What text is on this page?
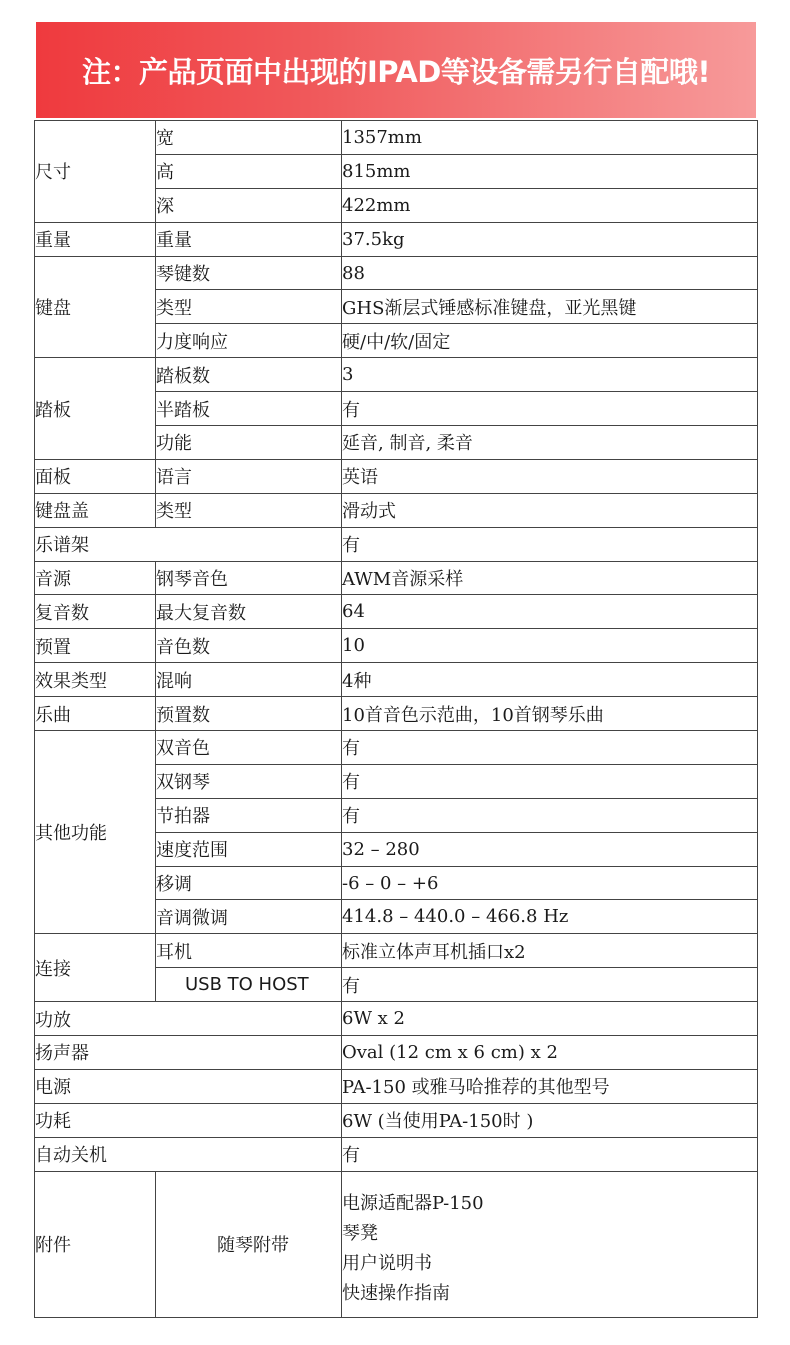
注：产品页面中出现的IPAD等设备需另行自配哦!
尺寸	宽	1357mm
	高	815mm
	深	422mm
重量	重量	37.5kg
键盘	琴键数	88
	类型	GHS渐层式锤感标准键盘，亚光黑键
	力度响应	硬/中/软/固定
踏板	踏板数	3
	半踏板	有
	功能	延音, 制音, 柔音
面板	语言	英语
键盘盖	类型	滑动式
乐谱架		有
音源	钢琴音色	AWM音源采样
复音数	最大复音数	64
预置	音色数	10
效果类型	混响	4种
乐曲	预置数	10首音色示范曲，10首钢琴乐曲
其他功能	双音色	有
	双钢琴	有
	节拍器	有
	速度范围	32 – 280
	移调	-6 – 0 – +6
	音调微调	414.8 – 440.0 – 466.8 Hz
连接	耳机	标准立体声耳机插口x2
	USB TO HOST	有
功放		6W x 2
扬声器		Oval (12 cm x 6 cm) x 2
电源		PA-150 或雅马哈推荐的其他型号
功耗		6W (当使用PA-150时 )
自动关机		有
附件	随琴附带	电源适配器P-150
琴凳
用户说明书
快速操作指南
